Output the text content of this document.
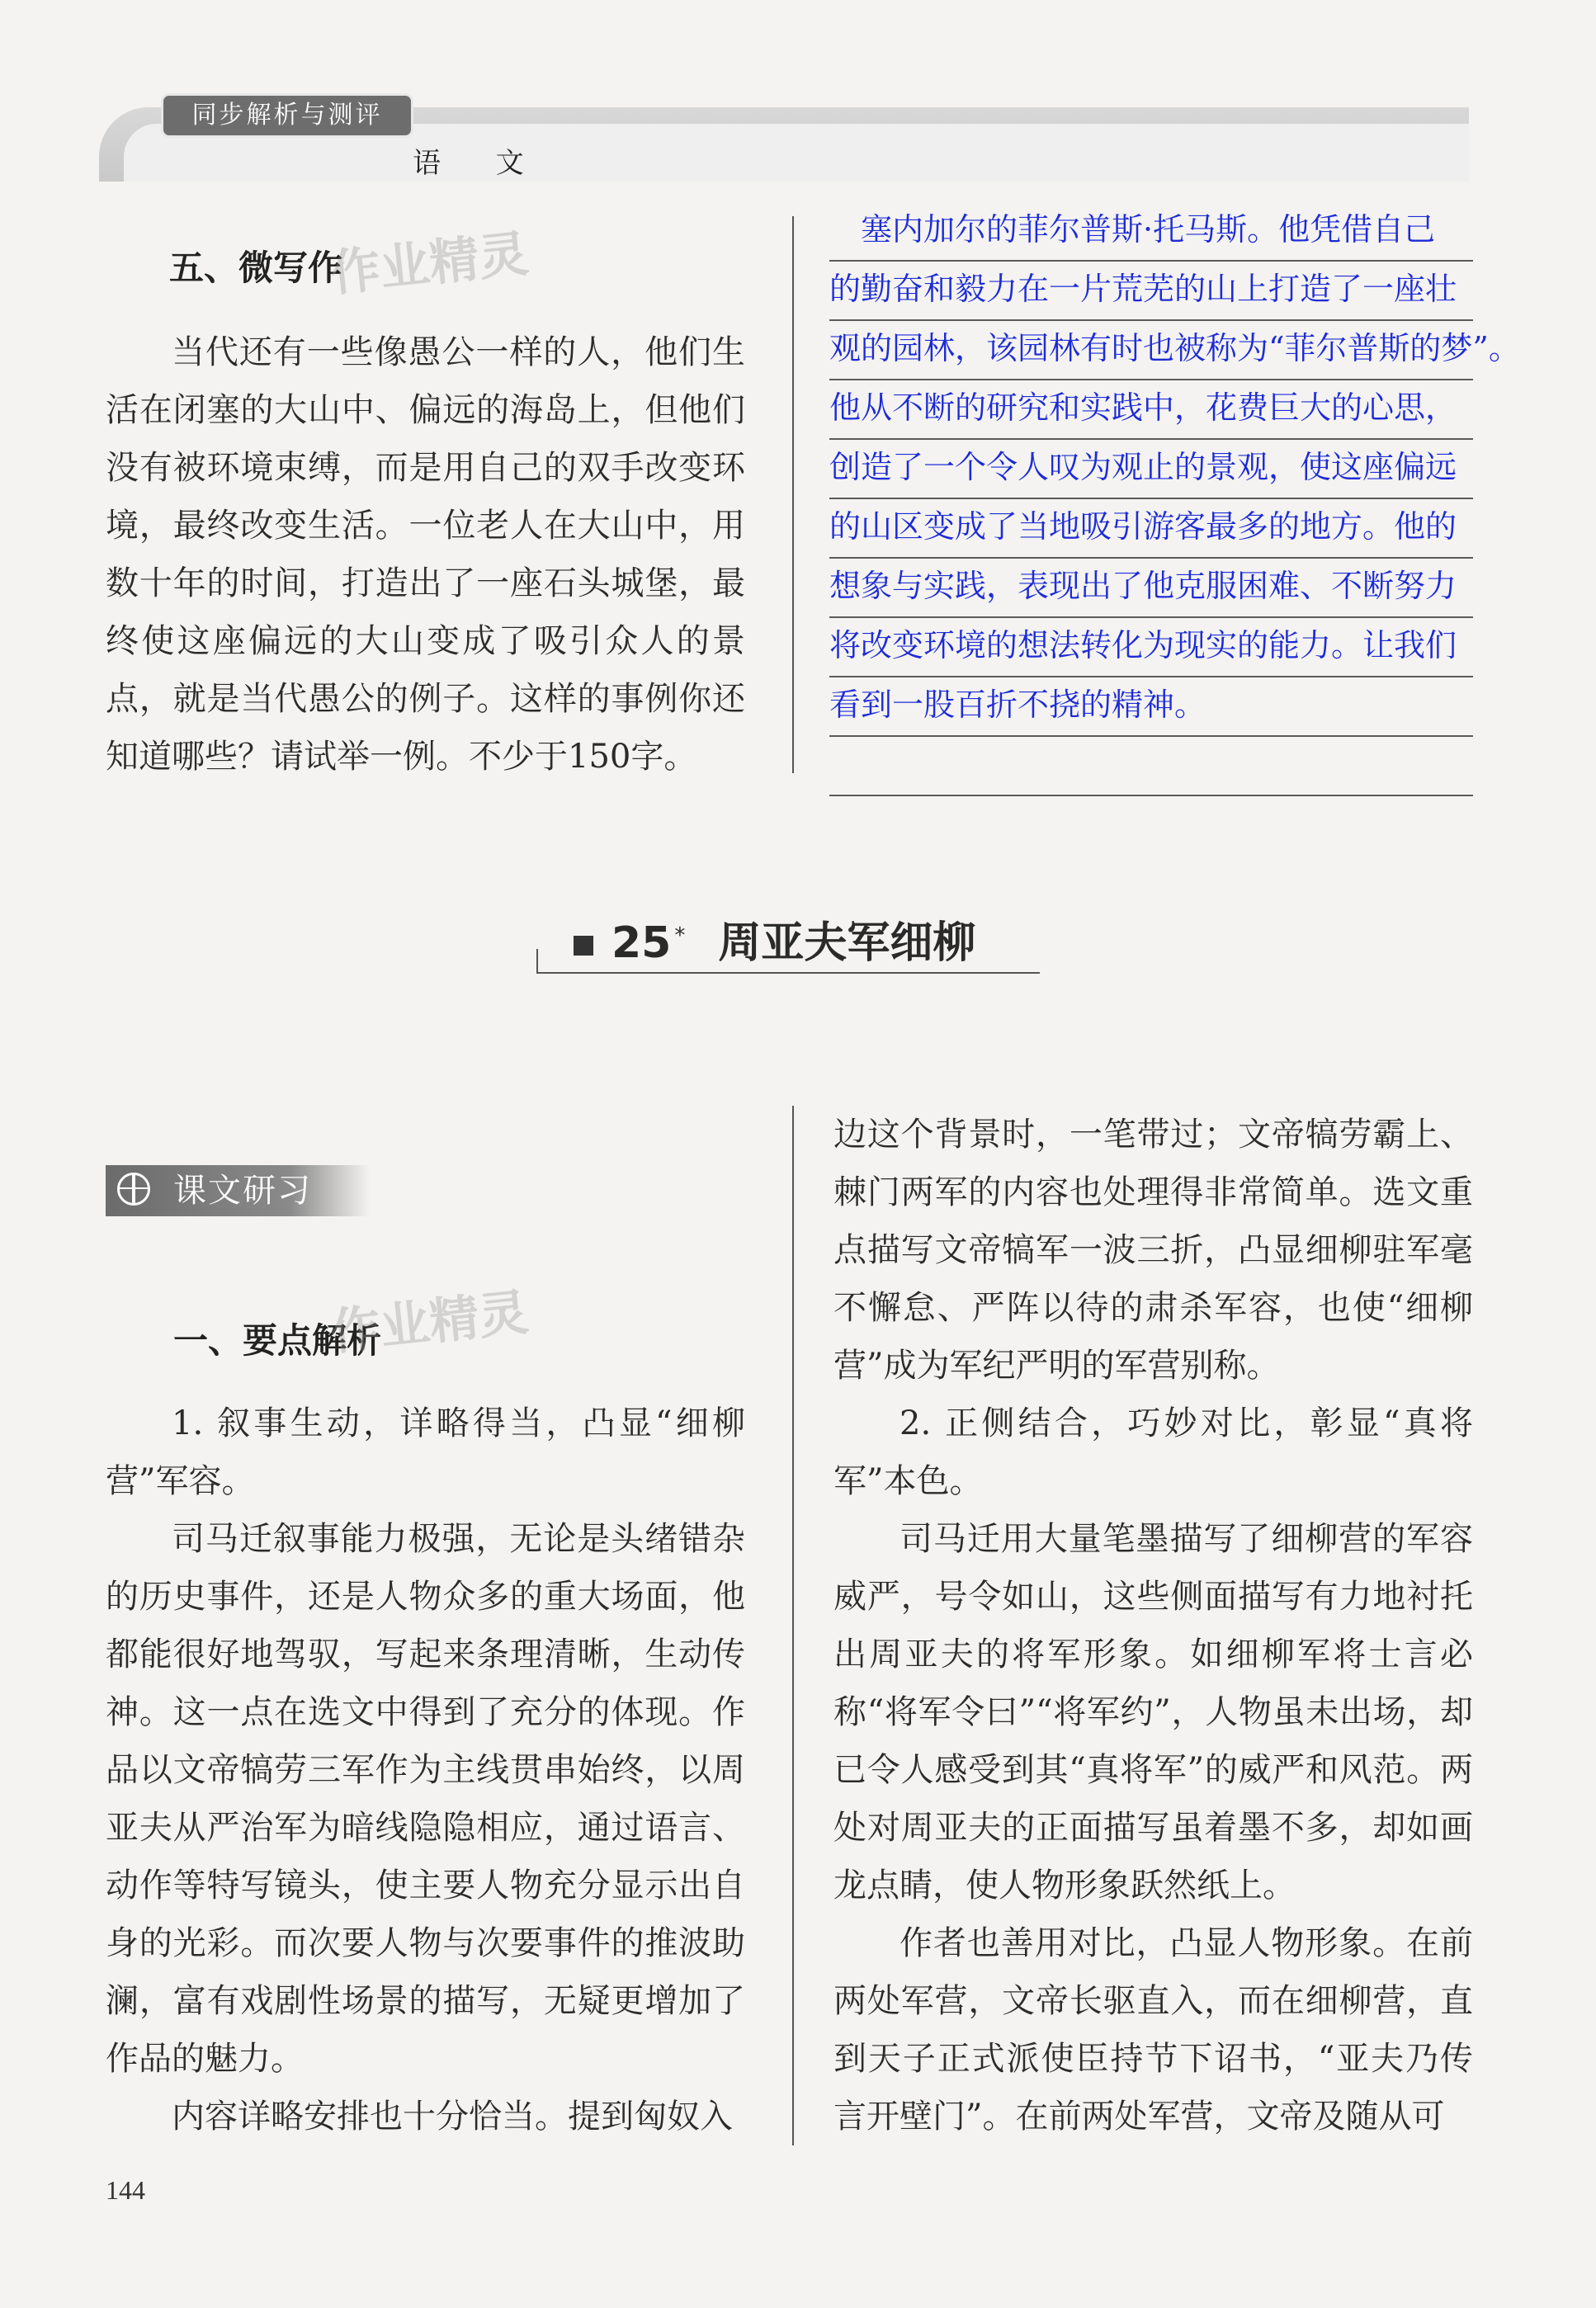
同步解析与测评
语 文
五、微写作
作业精灵
当代还有一些像愚公一样的人，他们生活在闭塞的大山中、偏远的海岛上，但他们没有被环境束缚，而是用自己的双手改变环境，最终改变生活。一位老人在大山中，用数十年的时间，打造出了一座石头城堡，最终使这座偏远的大山变成了吸引众人的景点，就是当代愚公的例子。这样的事例你还知道哪些？请试举一例。不少于150字。
　塞内加尔的菲尔普斯·托马斯。他凭借自己
的勤奋和毅力在一片荒芜的山上打造了一座壮
观的园林，该园林有时也被称为“菲尔普斯的梦”。
他从不断的研究和实践中，花费巨大的心思，
创造了一个令人叹为观止的景观，使这座偏远
的山区变成了当地吸引游客最多的地方。他的
想象与实践，表现出了他克服困难、不断努力
将改变环境的想法转化为现实的能力。让我们
看到一股百折不挠的精神。
25 * 周亚夫军细柳
课文研习
一、要点解析
作业精灵
1. 叙事生动，详略得当，凸显“细柳营”军容。
司马迁叙事能力极强，无论是头绪错杂的历史事件，还是人物众多的重大场面，他都能很好地驾驭，写起来条理清晰，生动传神。这一点在选文中得到了充分的体现。作品以文帝犒劳三军作为主线贯串始终，以周亚夫从严治军为暗线隐隐相应，通过语言、动作等特写镜头，使主要人物充分显示出自身的光彩。而次要人物与次要事件的推波助澜，富有戏剧性场景的描写，无疑更增加了作品的魅力。
内容详略安排也十分恰当。提到匈奴入
边这个背景时，一笔带过；文帝犒劳霸上、棘门两军的内容也处理得非常简单。选文重点描写文帝犒军一波三折，凸显细柳驻军毫不懈怠、严阵以待的肃杀军容，也使“细柳营”成为军纪严明的军营别称。
2. 正侧结合，巧妙对比，彰显“真将军”本色。
司马迁用大量笔墨描写了细柳营的军容威严，号令如山，这些侧面描写有力地衬托出周亚夫的将军形象。如细柳军将士言必称“将军令曰”“将军约”，人物虽未出场，却已令人感受到其“真将军”的威严和风范。两处对周亚夫的正面描写虽着墨不多，却如画龙点睛，使人物形象跃然纸上。
作者也善用对比，凸显人物形象。在前两处军营，文帝长驱直入，而在细柳营，直到天子正式派使臣持节下诏书，“亚夫乃传言开壁门”。在前两处军营，文帝及随从可
144
